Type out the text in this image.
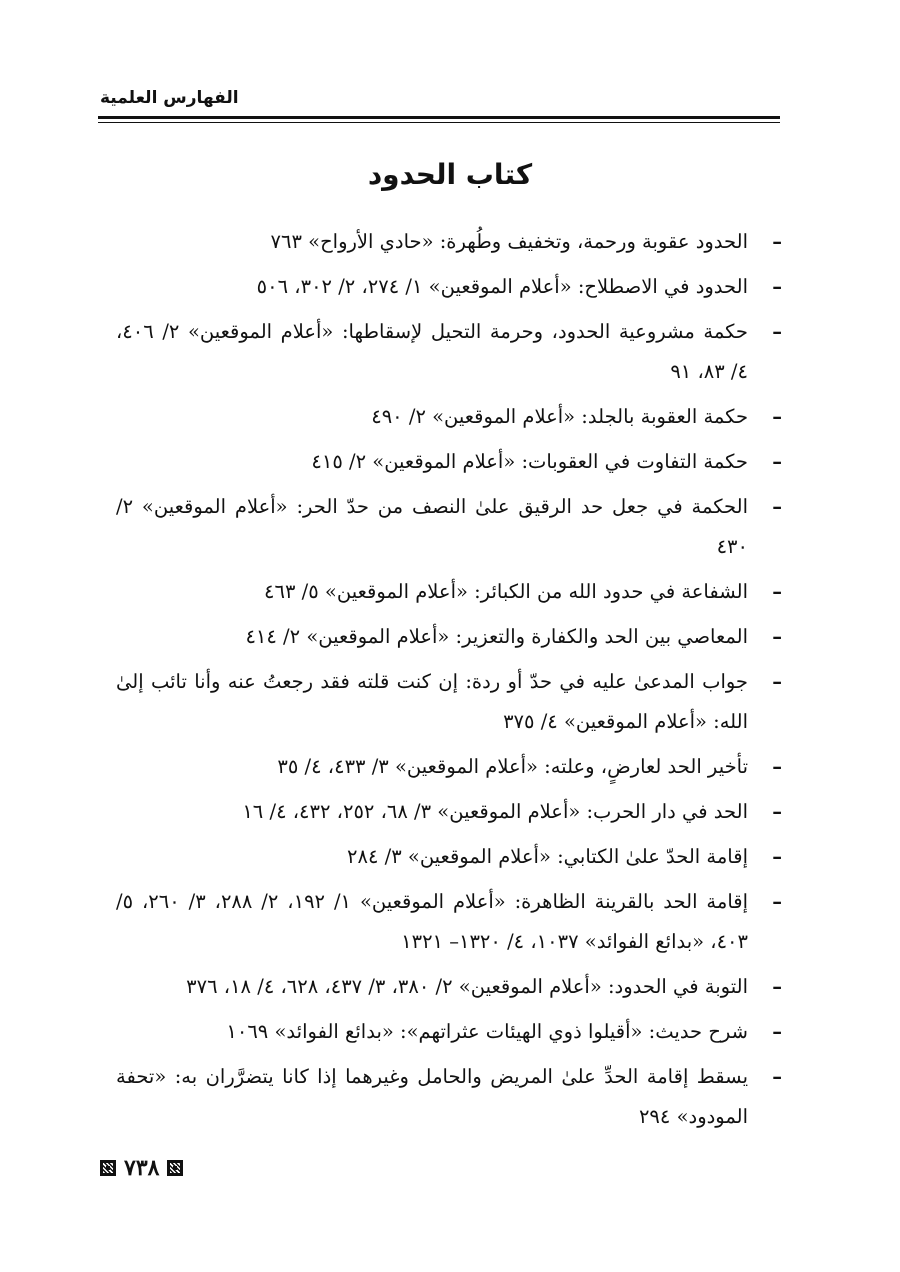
الفهارس العلمية
كتاب الحدود
–
الحدود عقوبة ورحمة، وتخفيف وطُهرة: «حادي الأرواح» ٧٦٣
–
الحدود في الاصطلاح: «أعلام الموقعين» ١/ ٢٧٤، ٢/ ٣٠٢، ٥٠٦
–
حكمة مشروعية الحدود، وحرمة التحيل لإسقاطها: «أعلام الموقعين» ٢/ ٤٠٦، ٤/ ٨٣، ٩١
–
حكمة العقوبة بالجلد: «أعلام الموقعين» ٢/ ٤٩٠
–
حكمة التفاوت في العقوبات: «أعلام الموقعين» ٢/ ٤١٥
–
الحكمة في جعل حد الرقيق علىٰ النصف من حدّ الحر: «أعلام الموقعين» ٢/ ٤٣٠
–
الشفاعة في حدود الله من الكبائر: «أعلام الموقعين» ٥/ ٤٦٣
–
المعاصي بين الحد والكفارة والتعزير: «أعلام الموقعين» ٢/ ٤١٤
–
جواب المدعىٰ عليه في حدّ أو ردة: إن كنت قلته فقد رجعتُ عنه وأنا تائب إلىٰ الله: «أعلام الموقعين» ٤/ ٣٧٥
–
تأخير الحد لعارضٍ، وعلته: «أعلام الموقعين» ٣/ ٤٣٣، ٤/ ٣٥
–
الحد في دار الحرب: «أعلام الموقعين» ٣/ ٦٨، ٢٥٢، ٤٣٢، ٤/ ١٦
–
إقامة الحدّ علىٰ الكتابي: «أعلام الموقعين» ٣/ ٢٨٤
–
إقامة الحد بالقرينة الظاهرة: «أعلام الموقعين» ١/ ١٩٢، ٢/ ٢٨٨، ٣/ ٢٦٠، ٥/ ٤٠٣، «بدائع الفوائد» ١٠٣٧، ٤/ ١٣٢٠– ١٣٢١
–
التوبة في الحدود: «أعلام الموقعين» ٢/ ٣٨٠، ٣/ ٤٣٧، ٦٢٨، ٤/ ١٨، ٣٧٦
–
شرح حديث: «أقيلوا ذوي الهيئات عثراتهم»: «بدائع الفوائد» ١٠٦٩
–
يسقط إقامة الحدِّ علىٰ المريض والحامل وغيرهما إذا كانا يتضرَّران به: «تحفة المودود» ٢٩٤
٧٣٨
